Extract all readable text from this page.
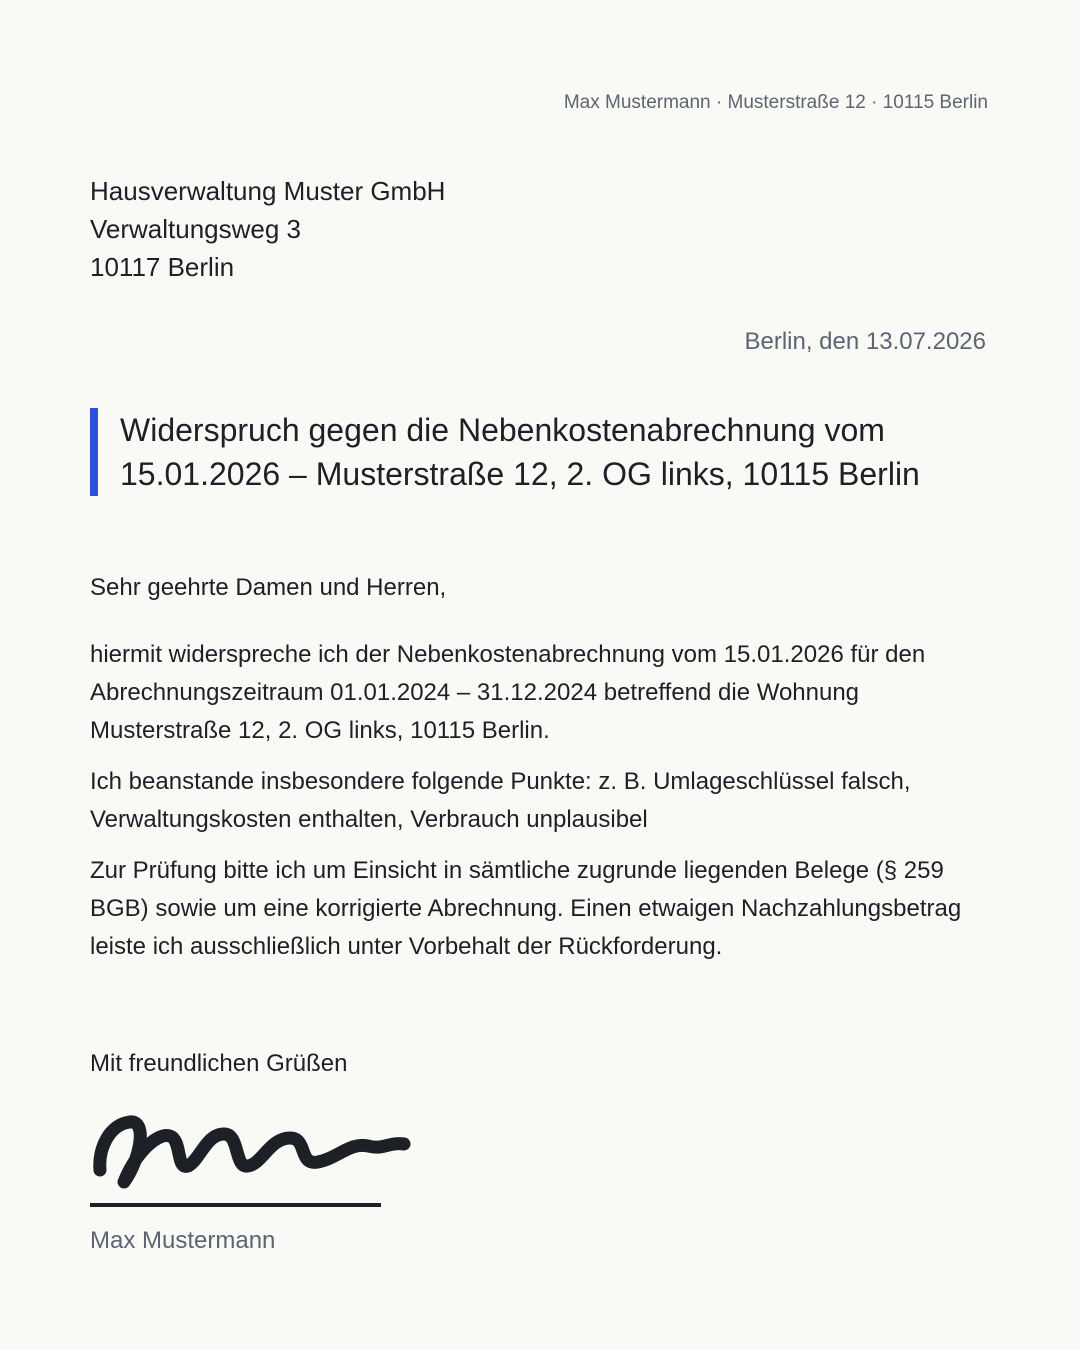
Max Mustermann · Musterstraße 12 · 10115 Berlin
Hausverwaltung Muster GmbH
Verwaltungsweg 3
10117 Berlin
Berlin, den 13.07.2026
Widerspruch gegen die Nebenkostenabrechnung vom 15.01.2026 – Musterstraße 12, 2. OG links, 10115 Berlin
Sehr geehrte Damen und Herren,

hiermit widerspreche ich der Nebenkostenabrechnung vom 15.01.2026 für den Abrechnungszeitraum 01.01.2024 – 31.12.2024 betreffend die Wohnung Musterstraße 12, 2. OG links, 10115 Berlin.

Ich beanstande insbesondere folgende Punkte: z. B. Umlageschlüssel falsch, Verwaltungskosten enthalten, Verbrauch unplausibel

Zur Prüfung bitte ich um Einsicht in sämtliche zugrunde liegenden Belege (§ 259 BGB) sowie um eine korrigierte Abrechnung. Einen etwaigen Nachzahlungsbetrag leiste ich ausschließlich unter Vorbehalt der Rückforderung.

Mit freundlichen Grüßen
Max Mustermann
